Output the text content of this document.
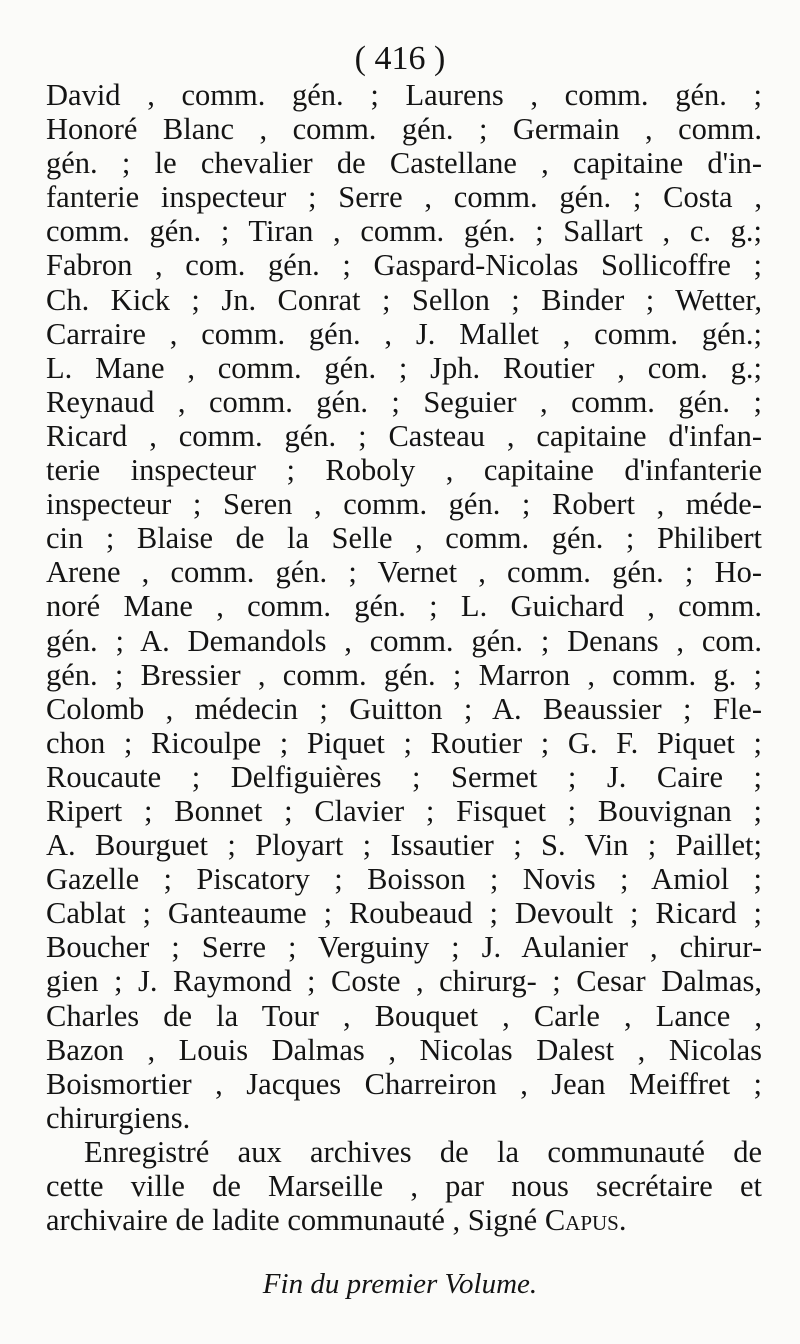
( 416 )
David , comm. gén. ; Laurens , comm. gén. ;
Honoré Blanc , comm. gén. ; Germain , comm.
gén. ; le chevalier de Castellane , capitaine d'in-
fanterie inspecteur ; Serre , comm. gén. ; Costa ,
comm. gén. ; Tiran , comm. gén. ; Sallart , c. g.;
Fabron , com. gén. ; Gaspard-Nicolas Sollicoffre ;
Ch. Kick ; Jn. Conrat ; Sellon ; Binder ; Wetter,
Carraire , comm. gén. , J. Mallet , comm. gén.;
L. Mane , comm. gén. ; Jph. Routier , com. g.;
Reynaud , comm. gén. ; Seguier , comm. gén. ;
Ricard , comm. gén. ; Casteau , capitaine d'infan-
terie inspecteur ; Roboly , capitaine d'infanterie
inspecteur ; Seren , comm. gén. ; Robert , méde-
cin ; Blaise de la Selle , comm. gén. ; Philibert
Arene , comm. gén. ; Vernet , comm. gén. ; Ho-
noré Mane , comm. gén. ; L. Guichard , comm.
gén. ; A. Demandols , comm. gén. ; Denans , com.
gén. ; Bressier , comm. gén. ; Marron , comm. g. ;
Colomb , médecin ; Guitton ; A. Beaussier ; Fle-
chon ; Ricoulpe ; Piquet ; Routier ; G. F. Piquet ;
Roucaute ; Delfiguières ; Sermet ; J. Caire ;
Ripert ; Bonnet ; Clavier ; Fisquet ; Bouvignan ;
A. Bourguet ; Ployart ; Issautier ; S. Vin ; Paillet;
Gazelle ; Piscatory ; Boisson ; Novis ; Amiol ;
Cablat ; Ganteaume ; Roubeaud ; Devoult ; Ricard ;
Boucher ; Serre ; Verguiny ; J. Aulanier , chirur-
gien ; J. Raymond ; Coste , chirurg- ; Cesar Dalmas,
Charles de la Tour , Bouquet , Carle , Lance ,
Bazon , Louis Dalmas , Nicolas Dalest , Nicolas
Boismortier , Jacques Charreiron , Jean Meiffret ;
chirurgiens.
Enregistré aux archives de la communauté de
cette ville de Marseille , par nous secrétaire et
archivaire de ladite communauté , Signé Capus.
Fin du premier Volume.
